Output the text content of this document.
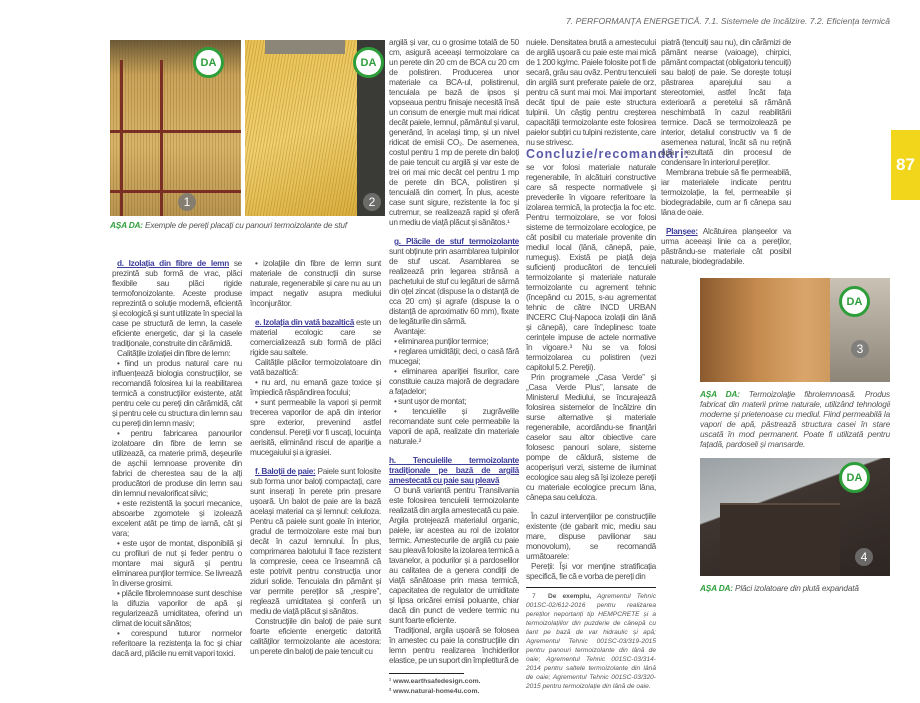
7. PERFORMANȚA ENERGETICĂ. 7.1. Sistemele de încălzire. 7.2. Eficiența termică
87
DA
1
DA
2
AȘA DA: Exemple de pereți placați cu panouri termoizolante de stuf

d. Izolația din fibre de lemn se prezintă sub formă de vrac, plăci flexibile sau plăci rigide termofonoizolante. Aceste produse reprezintă o soluție modernă, eficientă și ecologică și sunt utilizate în special la case pe structură de lemn, la casele eficiente energetic, dar și la casele tradiționale, construite din cărămidă.

Calitățile izolației din fibre de lemn:

• fiind un produs natural care nu influențează biologia construcțiilor, se recomandă folosirea lui la reabilitarea termică a construcțiilor existente, atât pentru cele cu pereți din cărămidă, cât și pentru cele cu structura din lemn sau cu pereți din lemn masiv;

• pentru fabricarea panourilor izolatoare din fibre de lemn se utilizează, ca materie primă, deșeurile de așchii lemnoase provenite din fabrici de cherestea sau de la alți producători de produse din lemn sau din lemnul nevalorificat silvic;

• este rezistentă la șocuri mecanice, absoarbe zgomotele și izolează excelent atât pe timp de iarnă, cât și vara;

• este ușor de montat, disponibilă și cu profiluri de nut și feder pentru o montare mai sigură și pentru eliminarea punților termice. Se livrează în diverse grosimi.

• plăcile fibrolemnoase sunt deschise la difuzia vaporilor de apă și regularizează umiditatea, oferind un climat de locuit sănătos;

• corespund tuturor normelor referitoare la rezistența la foc și chiar dacă ard, plăcile nu emit vapori toxici.

• izolațiile din fibre de lemn sunt materiale de construcții din surse naturale, regenerabile și care nu au un impact negativ asupra mediului înconjurător.

e. Izolația din vată bazaltică este un material ecologic care se comercializează sub formă de plăci rigide sau saltele.

Calitățile plăcilor termoizolatoare din vată bazaltică:

• nu ard, nu emană gaze toxice și împiedică răspândirea focului;

• sunt permeabile la vapori și permit trecerea vaporilor de apă din interior spre exterior, prevenind astfel condensul. Pereții vor fi uscați, locuința aerisită, eliminând riscul de apariție a mucegaiului și a igrasiei.

f. Baloții de paie: Paiele sunt folosite sub forma unor baloți compactați, care sunt inserați în perete prin presare ușoară. Un balot de paie are la bază același material ca și lemnul: celuloza. Pentru că paiele sunt goale în interior, gradul de termoizolare este mai bun decât în cazul lemnului. În plus, comprimarea balotului îl face rezistent la compresie, ceea ce înseamnă că este potrivit pentru construcția unor ziduri solide. Tencuiala din pământ și var permite pereților să „respire”, reglează umiditatea și conferă un mediu de viață plăcut și sănătos.

Construcțiile din baloți de paie sunt foarte eficiente energetic datorită calităților termoizolante ale acestora: un perete din baloți de paie tencuit cu

argilă și var, cu o grosime totală de 50 cm, asigură aceeași termoizolare ca un perete din 20 cm de BCA cu 20 cm de polistiren. Producerea unor materiale ca BCA-ul, polistirenul, tencuiala pe bază de ipsos și vopseaua pentru finisaje necesită însă un consum de energie mult mai ridicat decât paiele, lemnul, pământul și varul, generând, în același timp, și un nivel ridicat de emisii CO₂. De asemenea, costul pentru 1 mp de perete din baloți de paie tencuit cu argilă și var este de trei ori mai mic decât cel pentru 1 mp de perete din BCA, polistiren și tencuială din comerț. În plus, aceste case sunt sigure, rezistente la foc și cutremur, se realizează rapid și oferă un mediu de viață plăcut și sănătos.¹

g. Plăcile de stuf termoizolante sunt obținute prin asamblarea tulpinilor de stuf uscat. Asamblarea se realizează prin legarea strânsă a pachetului de stuf cu legături de sârmă din oțel zincat (dispuse la o distanță de cca 20 cm) și agrafe (dispuse la o distanță de aproximativ 60 mm), fixate de legăturile din sârmă.

Avantaje:

• eliminarea punților termice;

• reglarea umidității; deci, o casă fără mucegai;

• eliminarea apariției fisurilor, care constituie cauza majoră de degradare a fațadelor;

• sunt ușor de montat;

• tencuielile și zugrăvelile recomandate sunt cele permeabile la vaporii de apă, realizate din materiale naturale.²

h. Tencuielile termoizolante tradiționale pe bază de argilă amestecată cu paie sau pleavă

O bună variantă pentru Transilvania este folosirea tencuielii termoizolante realizată din argila amestecată cu paie. Argila protejează materialul organic, paiele, iar acestea au rol de izolator termic. Amestecurile de argilă cu paie sau pleavă folosite la izolarea termică a tavanelor, a podurilor și a pardoselilor au calitatea de a genera condiții de viață sănătoase prin masa termică, capacitatea de regulator de umiditate și lipsa oricărei emisii poluante, chiar dacă din punct de vedere termic nu sunt foarte eficiente.

Tradițional, argila ușoară se folosea în amestec cu paie la construcțiile din lemn pentru realizarea închiderilor elastice, pe un suport din împletitură de

¹ www.earthsafedesign.com.
² www.natural-home4u.com.

nuiele. Densitatea brută a amestecului de argilă ușoară cu paie este mai mică de 1 200 kg/mc. Paiele folosite pot fi de secară, grâu sau ovăz. Pentru tencuieli din argilă sunt preferate paiele de orz, pentru că sunt mai moi. Mai important decât tipul de paie este structura tulpinii. Un câștig pentru creșterea capacității termoizolante este folosirea paielor subțiri cu tulpini rezistente, care nu se strivesc.

Concluzie/recomandări:

se vor folosi materiale naturale regenerabile, în alcătuiri constructive care să respecte normativele și prevederile în vigoare referitoare la izolarea termică, la protecția la foc etc. Pentru termoizolare, se vor folosi sisteme de termoizolare ecologice, pe cât posibil cu materiale provenite din mediul local (lână, cânepă, paie, rumeguș). Există pe piață deja suficienți producători de tencuieli termoizolante și materiale naturale termoizolante cu agrement tehnic (începând cu 2015, s-au agrementat tehnic de către INCD URBAN INCERC Cluj-Napoca izolații din lână și cânepă), care îndeplinesc toate cerințele impuse de actele normative în vigoare.³ Nu se va folosi termoizolarea cu polistiren (vezi capitolul 5.2. Pereții).

Prin programele „Casa Verde” și „Casa Verde Plus”, lansate de Ministerul Mediului, se încurajează folosirea sistemelor de încălzire din surse alternative și materiale regenerabile, acordându-se finanțări caselor sau altor obiective care folosesc panouri solare, sisteme pompe de căldură, sisteme de acoperișuri verzi, sisteme de iluminat ecologice sau aleg să își izoleze pereții cu materiale ecologice precum lâna, cânepa sau celuloza.

În cazul intervențiilor pe construcțiile existente (de gabarit mic, mediu sau mare, dispuse pavilionar sau monovolum), se recomandă următoarele:

Pereții: Își vor menține stratificația specifică, fie că e vorba de pereți din

7 De exemplu, Agrementul Tehnic 001SC-02/612-2016 pentru realizarea pereților neportanți tip HEMPCRETE și a termoizolațiilor din puzderie de cânepă cu liant pe bază de var hidraulic și apă; Agrementul Tehnic 001SC-03/319-2015 pentru panouri termoizolante din lână de oaie; Agrementul Tehnic 001SC-03/314-2014 pentru saltele termoizolante din lână de oaie; Agrementul Tehnic 001SC-03/320-2015 pentru termoizolație din lână de oaie.

piatră (tencuiți sau nu), din cărămizi de pământ nearse (vaioage), chirpici, pământ compactat (obligatoriu tencuiți) sau baloți de paie. Se dorește totuși păstrarea aparejului sau a stereotomiei, astfel încât fața exterioară a peretelui să rămână neschimbată în cazul reabilitării termice. Dacă se termoizolează pe interior, detaliul constructiv va fi de asemenea natural, încât să nu rețină apa rezultată din procesul de condensare în interiorul pereților.

Membrana trebuie să fie permeabilă, iar materialele indicate pentru termoizolație, la fel, permeabile și biodegradabile, cum ar fi cânepa sau lâna de oaie.

Planșee: Alcătuirea planșeelor va urma aceeași linie ca a pereților, păstrându-se materiale cât posibil naturale, biodegradabile.

DA
3
AȘA DA: Termoizolație fibrolemnoasă. Produs fabricat din materii prime naturale, utilizând tehnologii moderne și prietenoase cu mediul. Fiind permeabilă la vapori de apă, păstrează structura casei în stare uscată în mod permanent. Poate fi utilizată pentru fațadă, pardoseli și mansarde.
DA
4
AȘA DA: Plăci izolatoare din plută expandată
